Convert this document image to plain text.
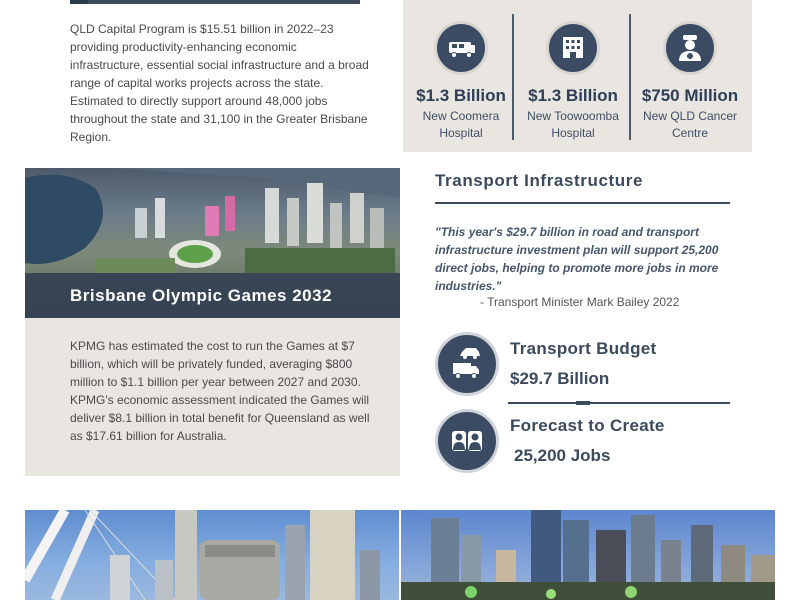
QLD Capital Program is $15.51 billion in 2022–23 providing productivity-enhancing economic infrastructure, essential social infrastructure and a broad range of capital works projects across the state. Estimated to directly support around 48,000 jobs throughout the state and 31,100 in the Greater Brisbane Region.
$1.3 Billion
New Coomera Hospital
$1.3 Billion
New Toowoomba Hospital
$750 Million
New QLD Cancer Centre
Brisbane Olympic Games 2032
KPMG has estimated the cost to run the Games at $7 billion, which will be privately funded, averaging $800 million to $1.1 billion per year between 2027 and 2030. KPMG's economic assessment indicated the Games will deliver $8.1 billion in total benefit for Queensland as well as $17.61 billion for Australia.
Transport Infrastructure
"This year's $29.7 billion in road and transport infrastructure investment plan will support 25,200 direct jobs, helping to promote more jobs in more industries."
- Transport Minister Mark Bailey 2022
Transport Budget
$29.7 Billion
Forecast to Create
25,200 Jobs
